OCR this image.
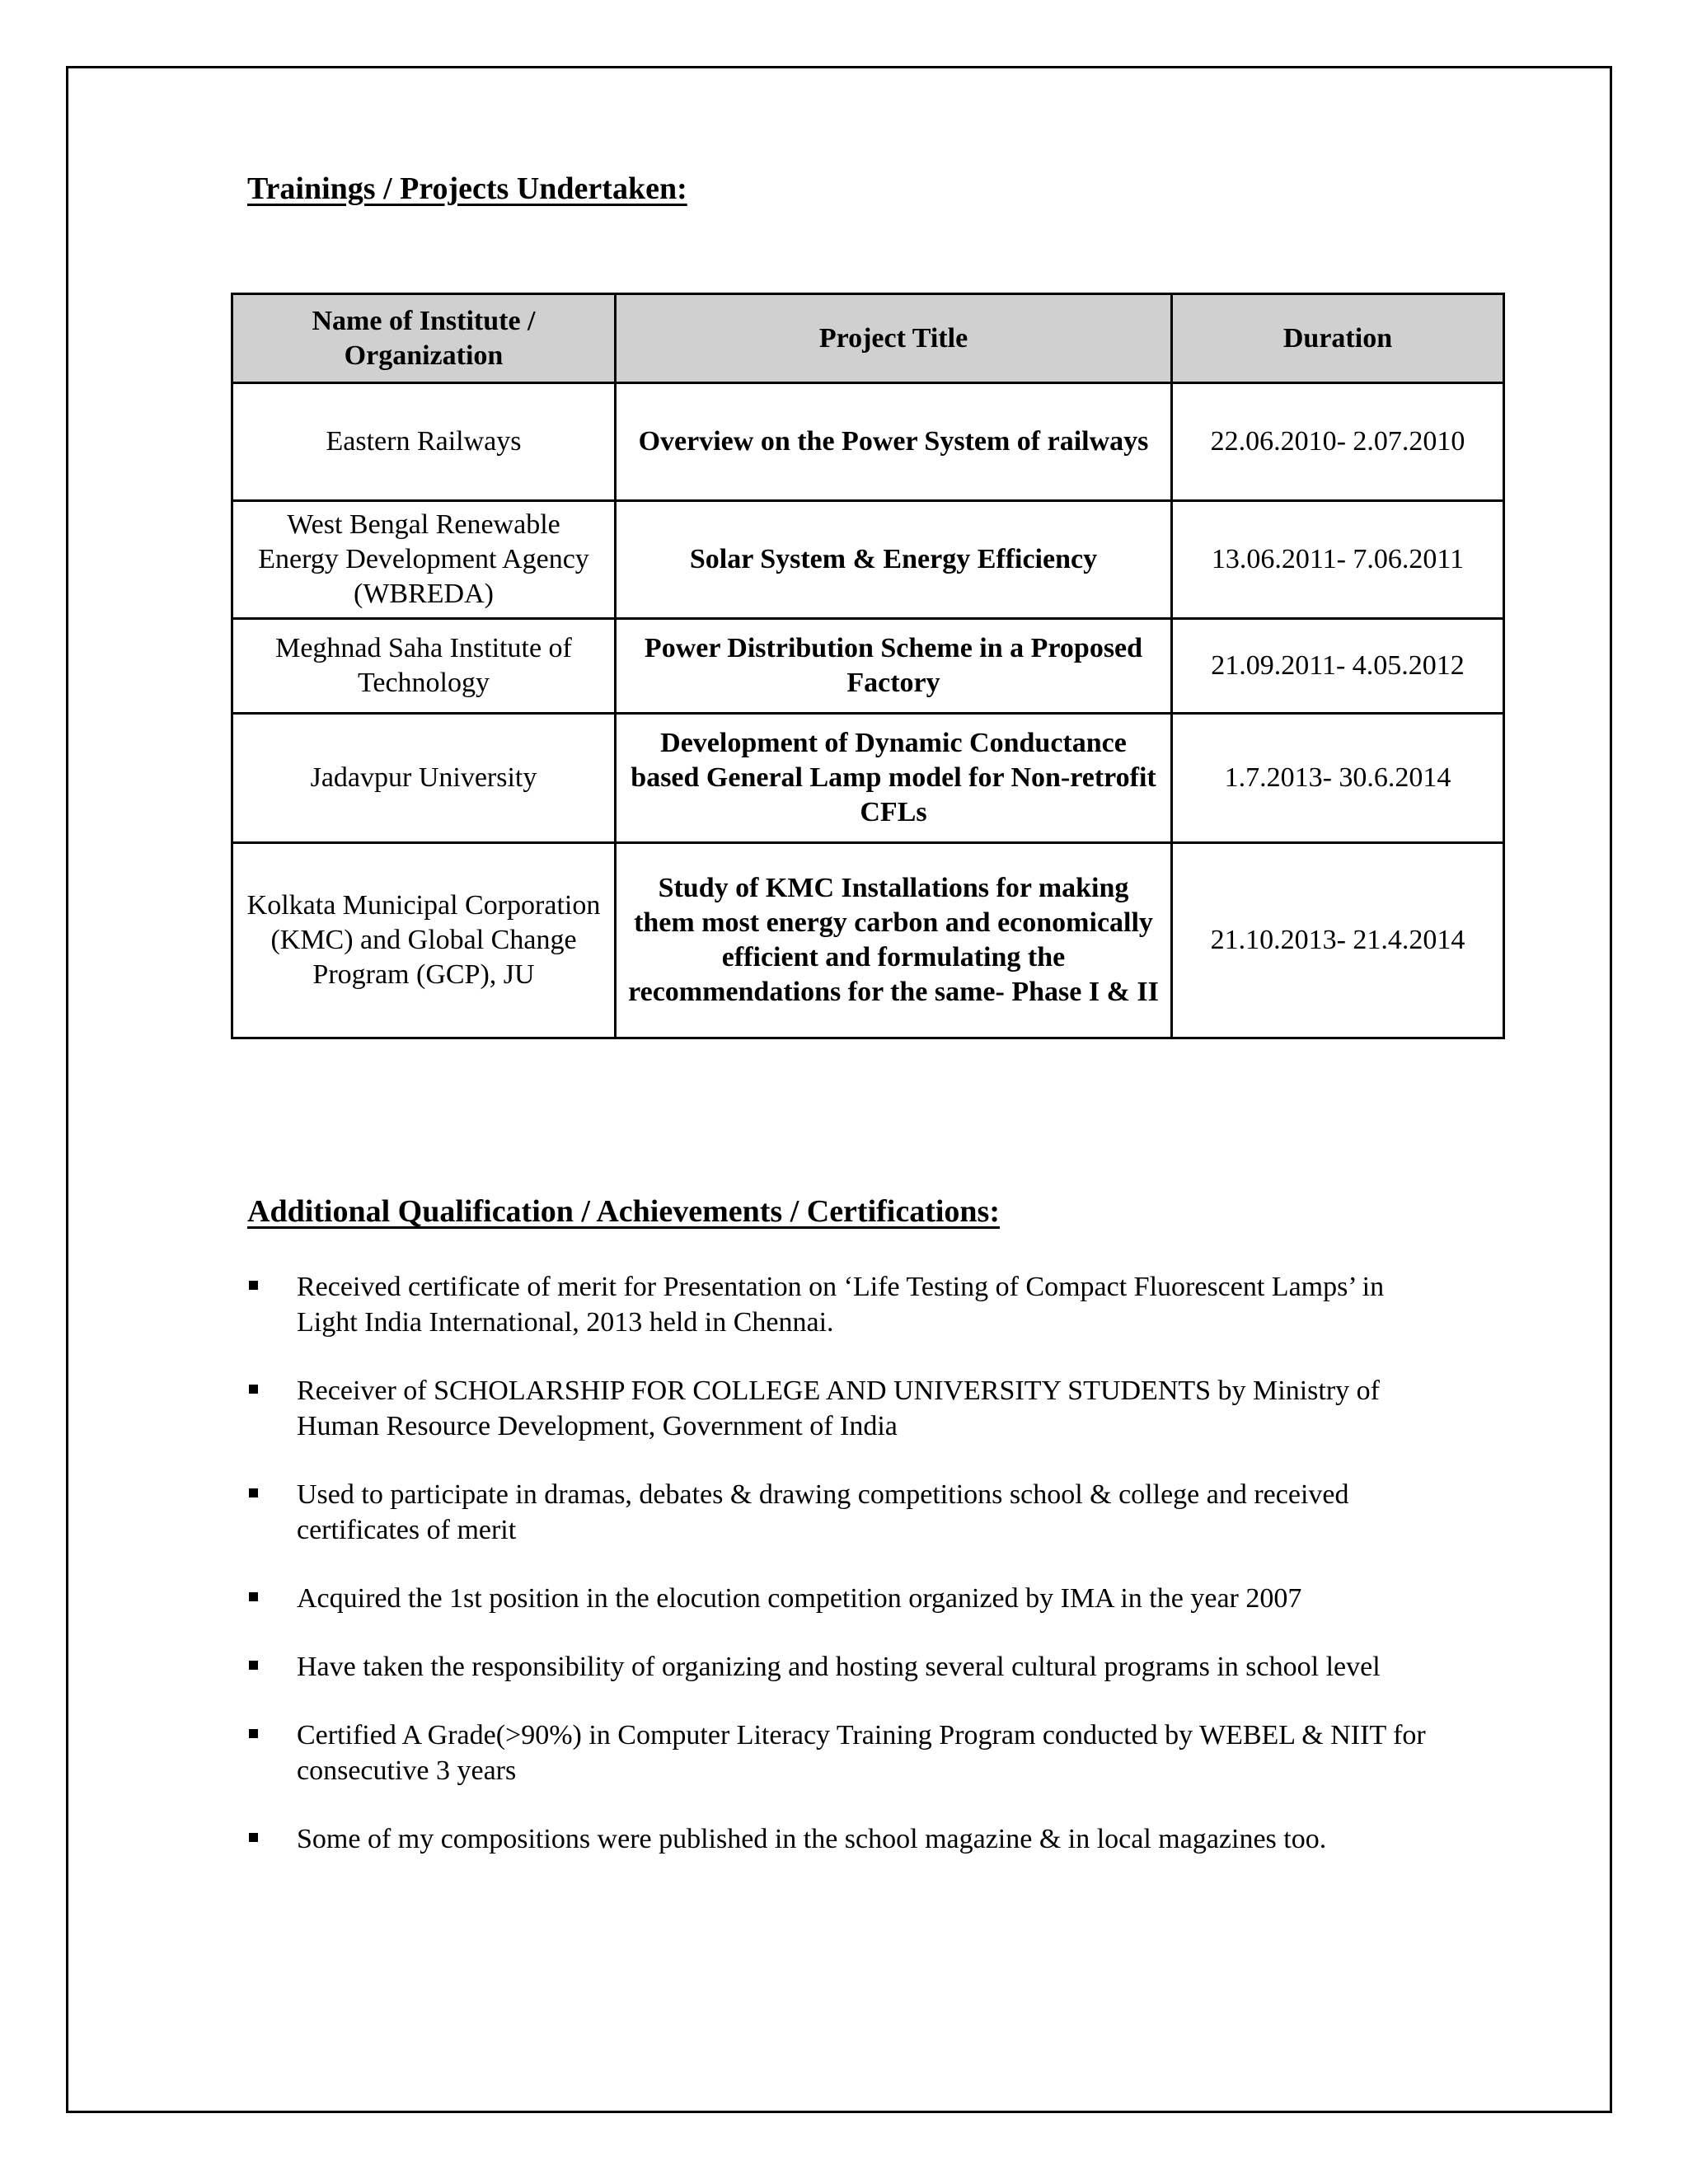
Trainings / Projects Undertaken:
Name of Institute / Organization	Project Title	Duration
Eastern Railways	Overview on the Power System of railways	22.06.2010- 2.07.2010
West Bengal Renewable Energy Development Agency (WBREDA)	Solar System & Energy Efficiency	13.06.2011- 7.06.2011
Meghnad Saha Institute of Technology	Power Distribution Scheme in a Proposed Factory	21.09.2011- 4.05.2012
Jadavpur University	Development of Dynamic Conductance based General Lamp model for Non-retrofit CFLs	1.7.2013- 30.6.2014
Kolkata Municipal Corporation (KMC) and Global Change Program (GCP), JU	Study of KMC Installations for making them most energy carbon and economically efficient and formulating the recommendations for the same- Phase I & II	21.10.2013- 21.4.2014
Additional Qualification / Achievements / Certifications:
Received certificate of merit for Presentation on ‘Life Testing of Compact Fluorescent Lamps’ in Light India International, 2013 held in Chennai.
Receiver of SCHOLARSHIP FOR COLLEGE AND UNIVERSITY STUDENTS by Ministry of Human Resource Development, Government of India
Used to participate in dramas, debates & drawing competitions school & college and received certificates of merit
Acquired the 1st position in the elocution competition organized by IMA in the year 2007
Have taken the responsibility of organizing and hosting several cultural programs in school level
Certified A Grade(>90%) in Computer Literacy Training Program conducted by WEBEL & NIIT for consecutive 3 years
Some of my compositions were published in the school magazine & in local magazines too.
